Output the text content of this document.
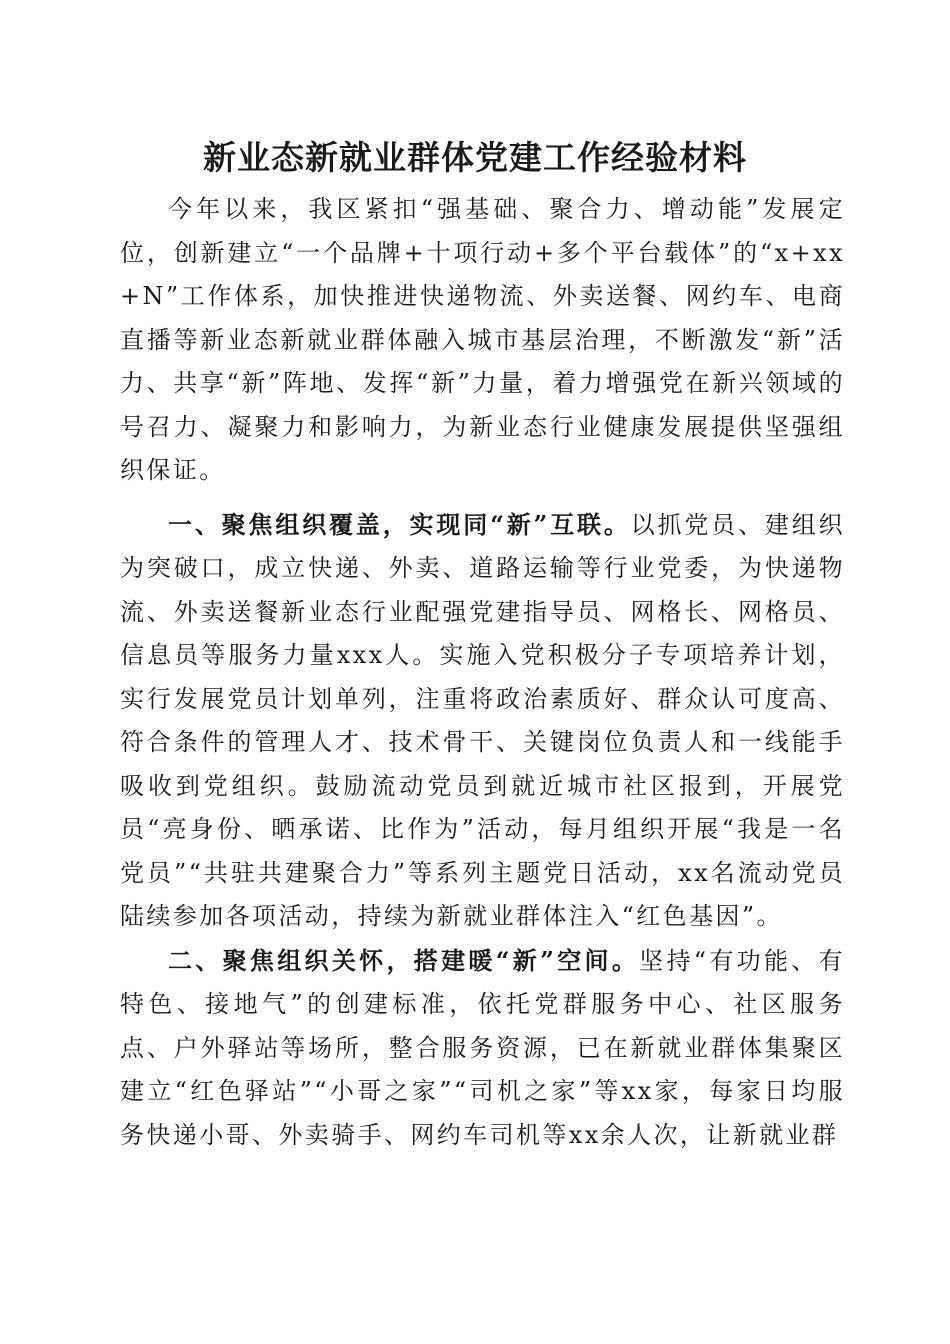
新业态新就业群体党建工作经验材料

今年以来，我区紧扣“强基础、聚合力、增动能”发展定位，创新建立“一个品牌+十项行动+多个平台载体”的“x+xx+N”工作体系，加快推进快递物流、外卖送餐、网约车、电商直播等新业态新就业群体融入城市基层治理，不断激发“新”活力、共享“新”阵地、发挥“新”力量，着力增强党在新兴领域的号召力、凝聚力和影响力，为新业态行业健康发展提供坚强组织保证。

一、聚焦组织覆盖，实现同“新”互联。以抓党员、建组织为突破口，成立快递、外卖、道路运输等行业党委，为快递物流、外卖送餐新业态行业配强党建指导员、网格长、网格员、信息员等服务力量xxx人。实施入党积极分子专项培养计划，实行发展党员计划单列，注重将政治素质好、群众认可度高、符合条件的管理人才、技术骨干、关键岗位负责人和一线能手吸收到党组织。鼓励流动党员到就近城市社区报到，开展党员“亮身份、晒承诺、比作为”活动，每月组织开展“我是一名党员”“共驻共建聚合力”等系列主题党日活动，xx名流动党员陆续参加各项活动，持续为新就业群体注入“红色基因”。

二、聚焦组织关怀，搭建暖“新”空间。坚持“有功能、有特色、接地气”的创建标准，依托党群服务中心、社区服务点、户外驿站等场所，整合服务资源，已在新就业群体集聚区建立“红色驿站”“小哥之家”“司机之家”等xx家，每家日均服务快递小哥、外卖骑手、网约车司机等xx余人次，让新就业群
